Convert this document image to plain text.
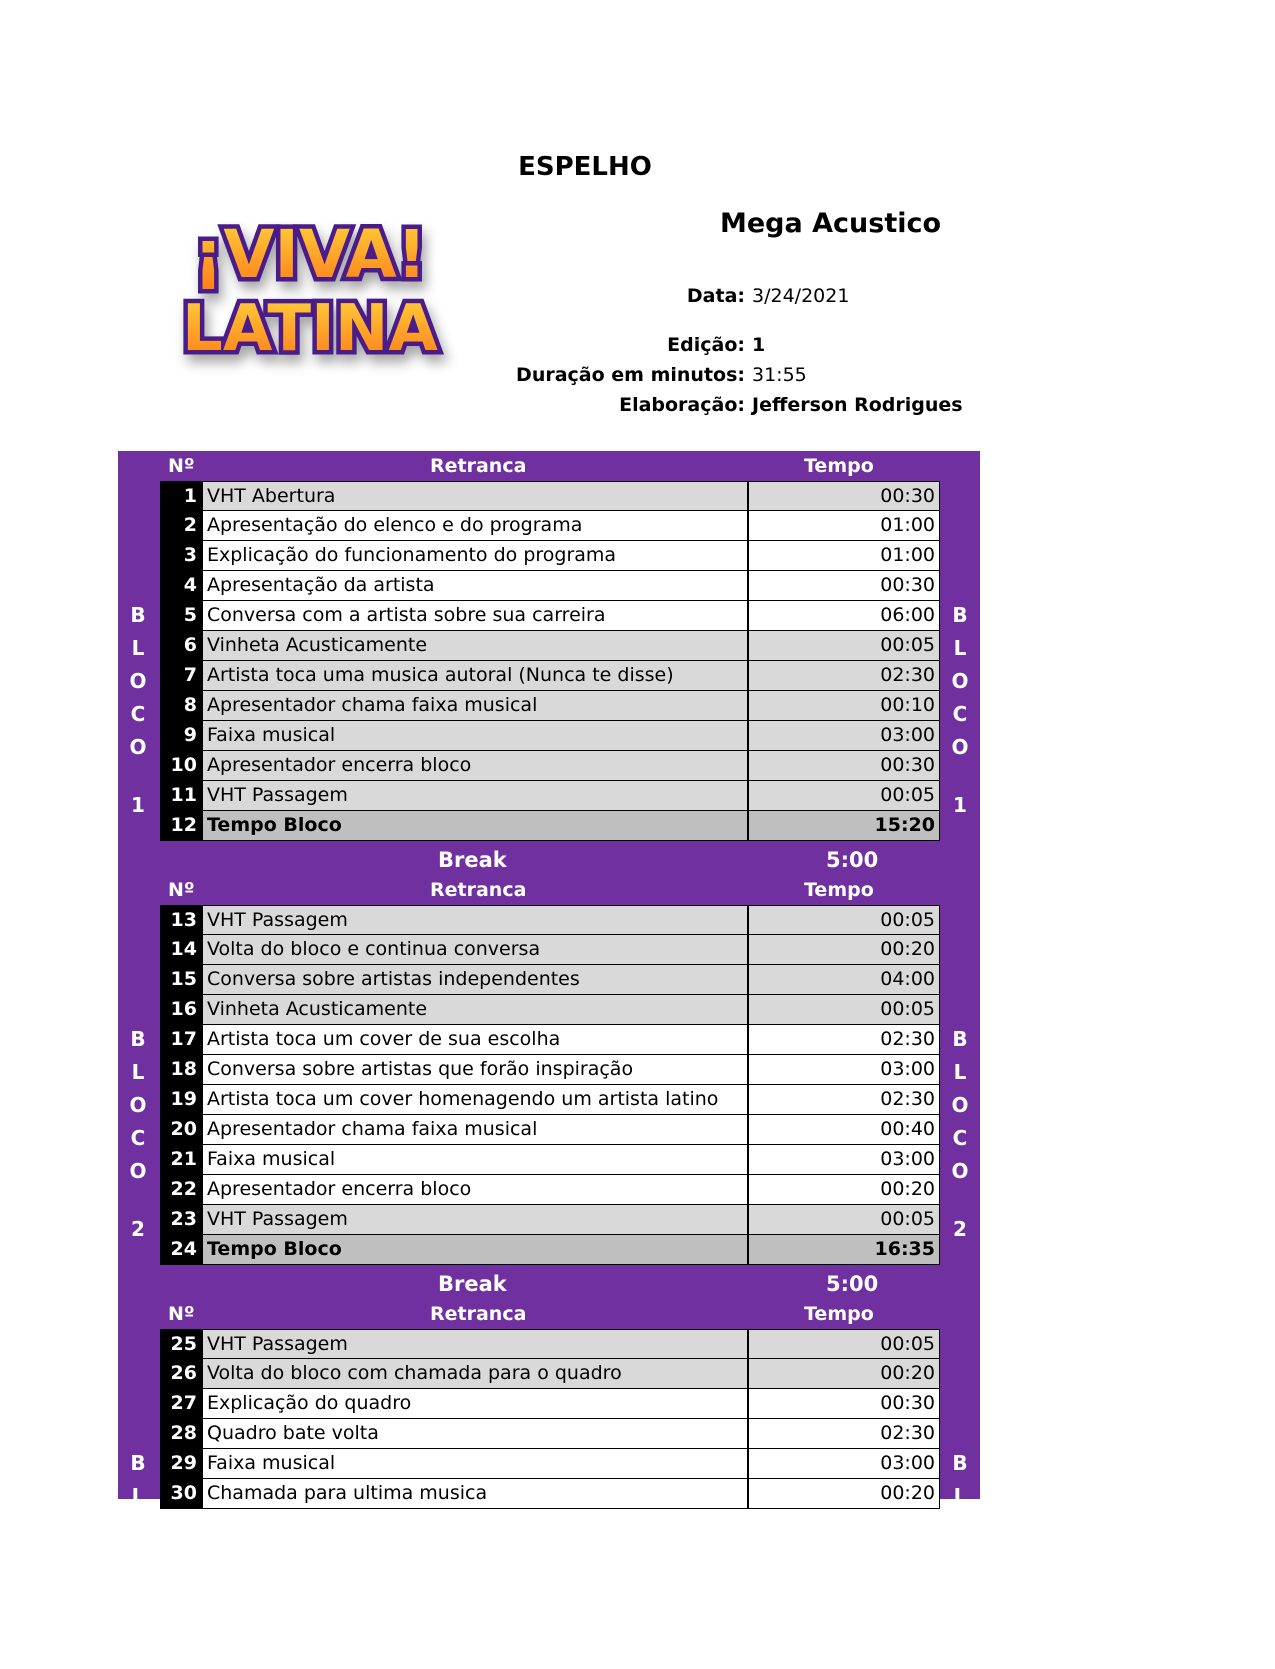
ESPELHO
¡VIVA!
LATINA
Mega Acustico
Data: 3/24/2021
Edição: 1
Duração em minutos: 31:55
Elaboração: Jefferson Rodrigues
Nº	Retranca	Tempo
1 VHT Abertura	00:30
2 Apresentação do elenco e do programa	01:00
3 Explicação do funcionamento do programa	01:00
4 Apresentação da artista	00:30
5 Conversa com a artista sobre sua carreira	06:00
6 Vinheta Acusticamente	00:05
7 Artista toca uma musica autoral (Nunca te disse)	02:30
8 Apresentador chama faixa musical	00:10
9 Faixa musical	03:00
10 Apresentador encerra bloco	00:30
11 VHT Passagem	00:05
12 Tempo Bloco	15:20
B
L
O
C
O
1
B
L
O
C
O
1
Break	5:00
Nº	Retranca	Tempo
13 VHT Passagem	00:05
14 Volta do bloco e continua conversa	00:20
15 Conversa sobre artistas independentes	04:00
16 Vinheta Acusticamente	00:05
17 Artista toca um cover de sua escolha	02:30
18 Conversa sobre artistas que forão inspiração	03:00
19 Artista toca um cover homenagendo um artista latino	02:30
20 Apresentador chama faixa musical	00:40
21 Faixa musical	03:00
22 Apresentador encerra bloco	00:20
23 VHT Passagem	00:05
24 Tempo Bloco	16:35
B
L
O
C
O
2
B
L
O
C
O
2
Break	5:00
Nº	Retranca	Tempo
25 VHT Passagem	00:05
26 Volta do bloco com chamada para o quadro	00:20
27 Explicação do quadro	00:30
28 Quadro bate volta	02:30
29 Faixa musical	03:00
30 Chamada para ultima musica	00:20
B
L
O
C
O
3
B
L
O
C
O
3
